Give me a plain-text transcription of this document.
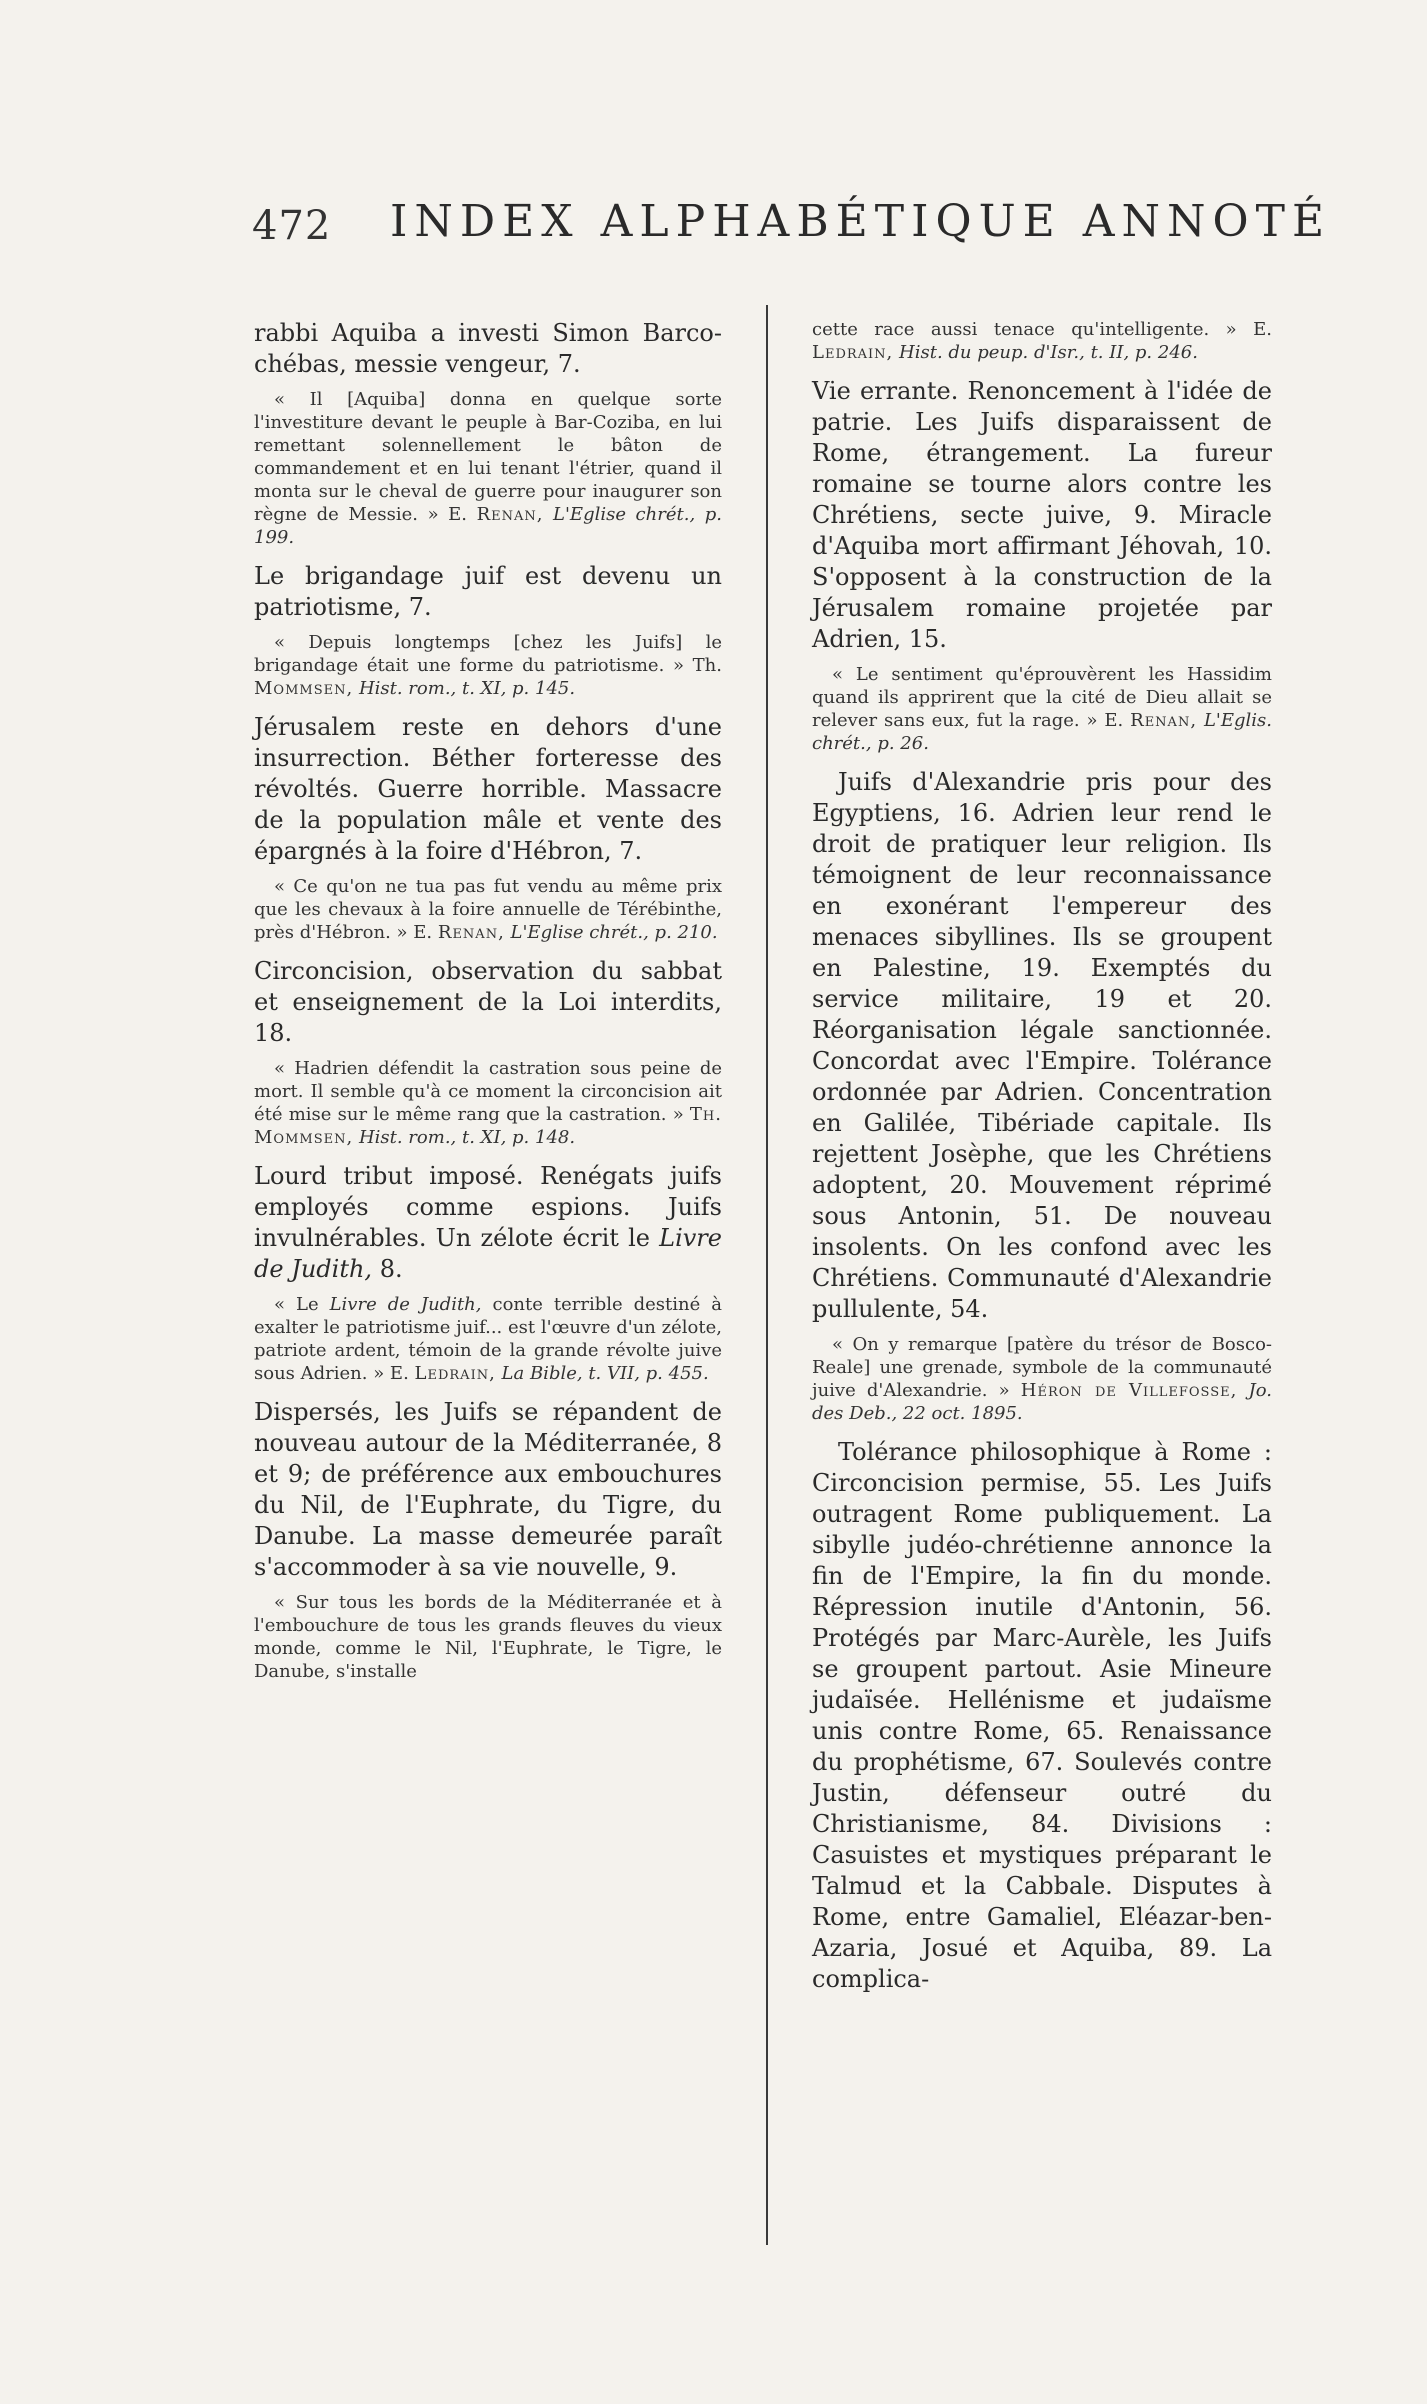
472 INDEX ALPHABÉTIQUE ANNOTÉ

rabbi Aquiba a investi Simon Barco-chébas, messie vengeur, 7.

« Il [Aquiba] donna en quelque sorte l'investiture devant le peuple à Bar-Coziba, en lui remettant solennellement le bâton de commandement et en lui tenant l'étrier, quand il monta sur le cheval de guerre pour inaugurer son règne de Messie. » E. Renan, L'Eglise chrét., p. 199.

Le brigandage juif est devenu un patriotisme, 7.

« Depuis longtemps [chez les Juifs] le brigandage était une forme du patriotisme. » Th. Mommsen, Hist. rom., t. XI, p. 145.

Jérusalem reste en dehors d'une insurrection. Béther forteresse des révoltés. Guerre horrible. Massacre de la population mâle et vente des épargnés à la foire d'Hébron, 7.

« Ce qu'on ne tua pas fut vendu au même prix que les chevaux à la foire annuelle de Térébinthe, près d'Hébron. » E. Renan, L'Eglise chrét., p. 210.

Circoncision, observation du sabbat et enseignement de la Loi interdits, 18.

« Hadrien défendit la castration sous peine de mort. Il semble qu'à ce moment la circoncision ait été mise sur le même rang que la castration. » Th. Mommsen, Hist. rom., t. XI, p. 148.

Lourd tribut imposé. Renégats juifs employés comme espions. Juifs invulnérables. Un zélote écrit le Livre de Judith, 8.

« Le Livre de Judith, conte terrible destiné à exalter le patriotisme juif... est l'œuvre d'un zélote, patriote ardent, témoin de la grande révolte juive sous Adrien. » E. Ledrain, La Bible, t. VII, p. 455.

Dispersés, les Juifs se répandent de nouveau autour de la Méditerranée, 8 et 9; de préférence aux embouchures du Nil, de l'Euphrate, du Tigre, du Danube. La masse demeurée paraît s'accommoder à sa vie nouvelle, 9.

« Sur tous les bords de la Méditerranée et à l'embouchure de tous les grands fleuves du vieux monde, comme le Nil, l'Euphrate, le Tigre, le Danube, s'installe

cette race aussi tenace qu'intelligente. » E. Ledrain, Hist. du peup. d'Isr., t. II, p. 246.

Vie errante. Renoncement à l'idée de patrie. Les Juifs disparaissent de Rome, étrangement. La fureur romaine se tourne alors contre les Chrétiens, secte juive, 9. Miracle d'Aquiba mort affirmant Jéhovah, 10. S'opposent à la construction de la Jérusalem romaine projetée par Adrien, 15.

« Le sentiment qu'éprouvèrent les Hassidim quand ils apprirent que la cité de Dieu allait se relever sans eux, fut la rage. » E. Renan, L'Eglis. chrét., p. 26.

Juifs d'Alexandrie pris pour des Egyptiens, 16. Adrien leur rend le droit de pratiquer leur religion. Ils témoignent de leur reconnaissance en exonérant l'empereur des menaces sibyllines. Ils se groupent en Palestine, 19. Exemptés du service militaire, 19 et 20. Réorganisation légale sanctionnée. Concordat avec l'Empire. Tolérance ordonnée par Adrien. Concentration en Galilée, Tibériade capitale. Ils rejettent Josèphe, que les Chrétiens adoptent, 20. Mouvement réprimé sous Antonin, 51. De nouveau insolents. On les confond avec les Chrétiens. Communauté d'Alexandrie pullulente, 54.

« On y remarque [patère du trésor de Bosco-Reale] une grenade, symbole de la communauté juive d'Alexandrie. » Héron de Villefosse, Jo. des Deb., 22 oct. 1895.

Tolérance philosophique à Rome : Circoncision permise, 55. Les Juifs outragent Rome publiquement. La sibylle judéo-chrétienne annonce la fin de l'Empire, la fin du monde. Répression inutile d'Antonin, 56. Protégés par Marc-Aurèle, les Juifs se groupent partout. Asie Mineure judaïsée. Hellénisme et judaïsme unis contre Rome, 65. Renaissance du prophétisme, 67. Soulevés contre Justin, défenseur outré du Christianisme, 84. Divisions : Casuistes et mystiques préparant le Talmud et la Cabbale. Disputes à Rome, entre Gamaliel, Eléazar-ben-Azaria, Josué et Aquiba, 89. La complica-
